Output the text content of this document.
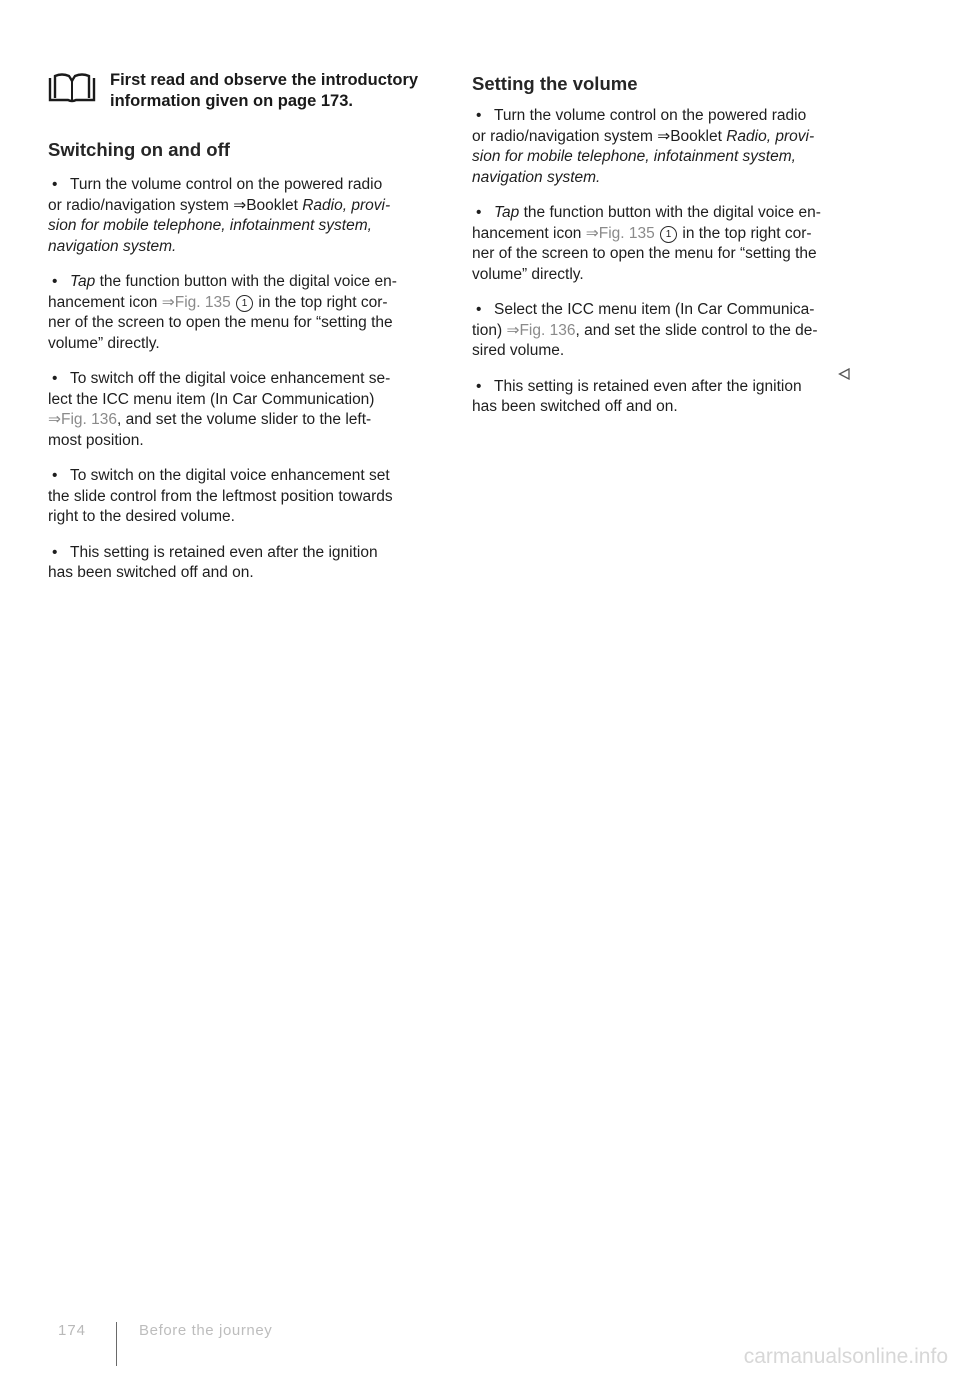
First read and observe the introductory
information given on page 173.
Switching on and off
• Turn the volume control on the powered radio
or radio/navigation system ⇒Booklet Radio, provi-
sion for mobile telephone, infotainment system,
navigation system.
• Tap the function button with the digital voice en-
hancement icon ⇒Fig. 135 1 in the top right cor-
ner of the screen to open the menu for “setting the
volume” directly.
• To switch off the digital voice enhancement se-
lect the ICC menu item (In Car Communication)
⇒Fig. 136, and set the volume slider to the left-
most position.
• To switch on the digital voice enhancement set
the slide control from the leftmost position towards
right to the desired volume.
• This setting is retained even after the ignition
has been switched off and on.
Setting the volume
• Turn the volume control on the powered radio
or radio/navigation system ⇒Booklet Radio, provi-
sion for mobile telephone, infotainment system,
navigation system.
• Tap the function button with the digital voice en-
hancement icon ⇒Fig. 135 1 in the top right cor-
ner of the screen to open the menu for “setting the
volume” directly.
• Select the ICC menu item (In Car Communica-
tion) ⇒Fig. 136, and set the slide control to the de-
sired volume.
• This setting is retained even after the ignition
has been switched off and on.
174	Before the journey
carmanualsonline.info
